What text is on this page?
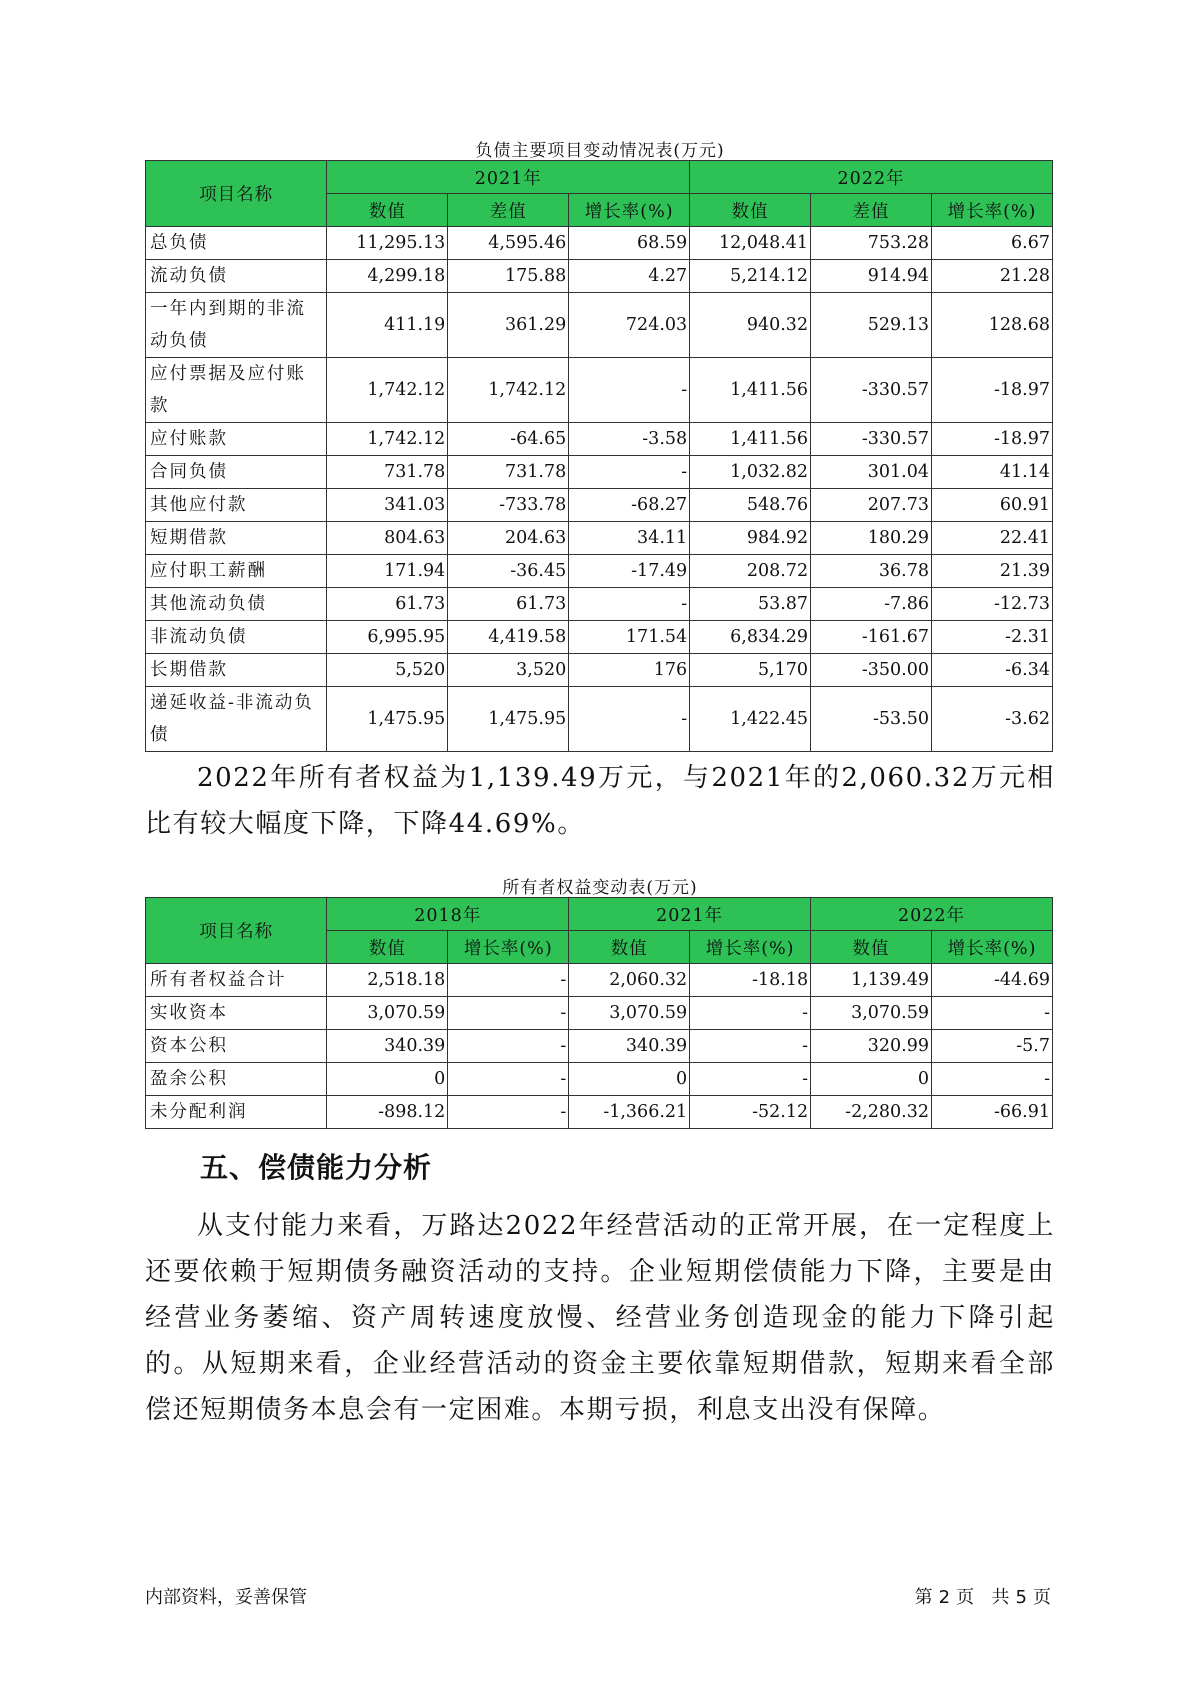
负债主要项目变动情况表(万元)
项目名称	2021年			2022年		
	数值	差值	增长率(%)	数值	差值	增长率(%)
总负债	11,295.13	4,595.46	68.59	12,048.41	753.28	6.67
流动负债	4,299.18	175.88	4.27	5,214.12	914.94	21.28
一年内到期的非流动负债	411.19	361.29	724.03	940.32	529.13	128.68
应付票据及应付账款	1,742.12	1,742.12	-	1,411.56	-330.57	-18.97
应付账款	1,742.12	-64.65	-3.58	1,411.56	-330.57	-18.97
合同负债	731.78	731.78	-	1,032.82	301.04	41.14
其他应付款	341.03	-733.78	-68.27	548.76	207.73	60.91
短期借款	804.63	204.63	34.11	984.92	180.29	22.41
应付职工薪酬	171.94	-36.45	-17.49	208.72	36.78	21.39
其他流动负债	61.73	61.73	-	53.87	-7.86	-12.73
非流动负债	6,995.95	4,419.58	171.54	6,834.29	-161.67	-2.31
长期借款	5,520	3,520	176	5,170	-350.00	-6.34
递延收益-非流动负债	1,475.95	1,475.95	-	1,422.45	-53.50	-3.62
2022年所有者权益为1,139.49万元，与2021年的2,060.32万元相比有较大幅度下降，下降44.69%。
所有者权益变动表(万元)
项目名称	2018年		2021年		2022年	
	数值	增长率(%)	数值	增长率(%)	数值	增长率(%)
所有者权益合计	2,518.18	-	2,060.32	-18.18	1,139.49	-44.69
实收资本	3,070.59	-	3,070.59	-	3,070.59	-
资本公积	340.39	-	340.39	-	320.99	-5.7
盈余公积	0	-	0	-	0	-
未分配利润	-898.12	-	-1,366.21	-52.12	-2,280.32	-66.91
五、偿债能力分析
从支付能力来看，万路达2022年经营活动的正常开展，在一定程度上还要依赖于短期债务融资活动的支持。企业短期偿债能力下降，主要是由经营业务萎缩、资产周转速度放慢、经营业务创造现金的能力下降引起的。从短期来看，企业经营活动的资金主要依靠短期借款，短期来看全部偿还短期债务本息会有一定困难。本期亏损，利息支出没有保障。
内部资料，妥善保管	第 2 页 共 5 页
